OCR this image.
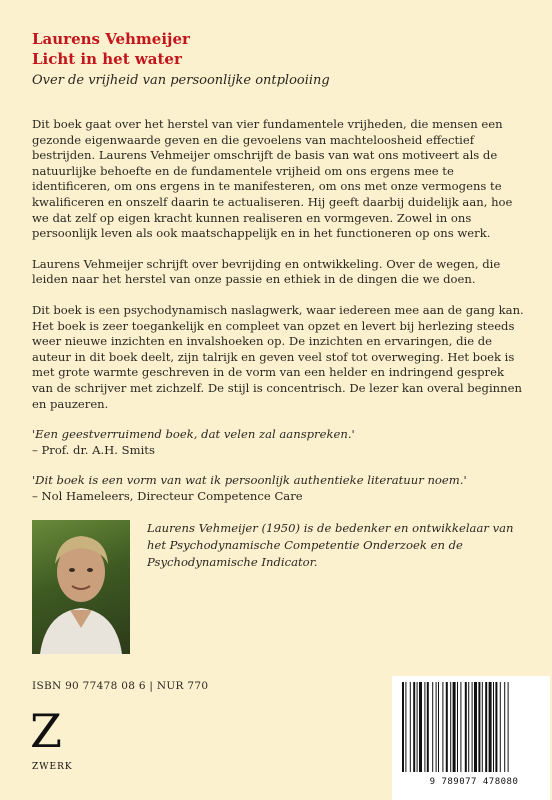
Laurens Vehmeijer
Licht in het water
Over de vrijheid van persoonlijke ontplooiing

Dit boek gaat over het herstel van vier fundamentele vrijheden, die mensen een gezonde eigenwaarde geven en die gevoelens van machteloosheid effectief bestrijden. Laurens Vehmeijer omschrijft de basis van wat ons motiveert als de natuurlijke behoefte en de fundamentele vrijheid om ons ergens mee te identificeren, om ons ergens in te manifesteren, om ons met onze vermogens te kwalificeren en onszelf daarin te actualiseren. Hij geeft daarbij duidelijk aan, hoe we dat zelf op eigen kracht kunnen realiseren en vormgeven. Zowel in ons persoonlijk leven als ook maatschappelijk en in het functioneren op ons werk.

Laurens Vehmeijer schrijft over bevrijding en ontwikkeling. Over de wegen, die leiden naar het herstel van onze passie en ethiek in de dingen die we doen.

Dit boek is een psychodynamisch naslagwerk, waar iedereen mee aan de gang kan. Het boek is zeer toegankelijk en compleet van opzet en levert bij herlezing steeds weer nieuwe inzichten en invalshoeken op. De inzichten en ervaringen, die de auteur in dit boek deelt, zijn talrijk en geven veel stof tot overweging. Het boek is met grote warmte geschreven in de vorm van een helder en indringend gesprek van de schrijver met zichzelf. De stijl is concentrisch. De lezer kan overal beginnen en pauzeren.

'Een geestverruimend boek, dat velen zal aanspreken.'
– Prof. dr. A.H. Smits

'Dit boek is een vorm van wat ik persoonlijk authentieke literatuur noem.'
– Nol Hameleers, Directeur Competence Care

Laurens Vehmeijer (1950) is de bedenker en ontwikkelaar van het Psychodynamische Competentie Onderzoek en de Psychodynamische Indicator.
ISBN 90 77478 08 6 | NUR 770
Z
ZWERK
9 789077 478080
